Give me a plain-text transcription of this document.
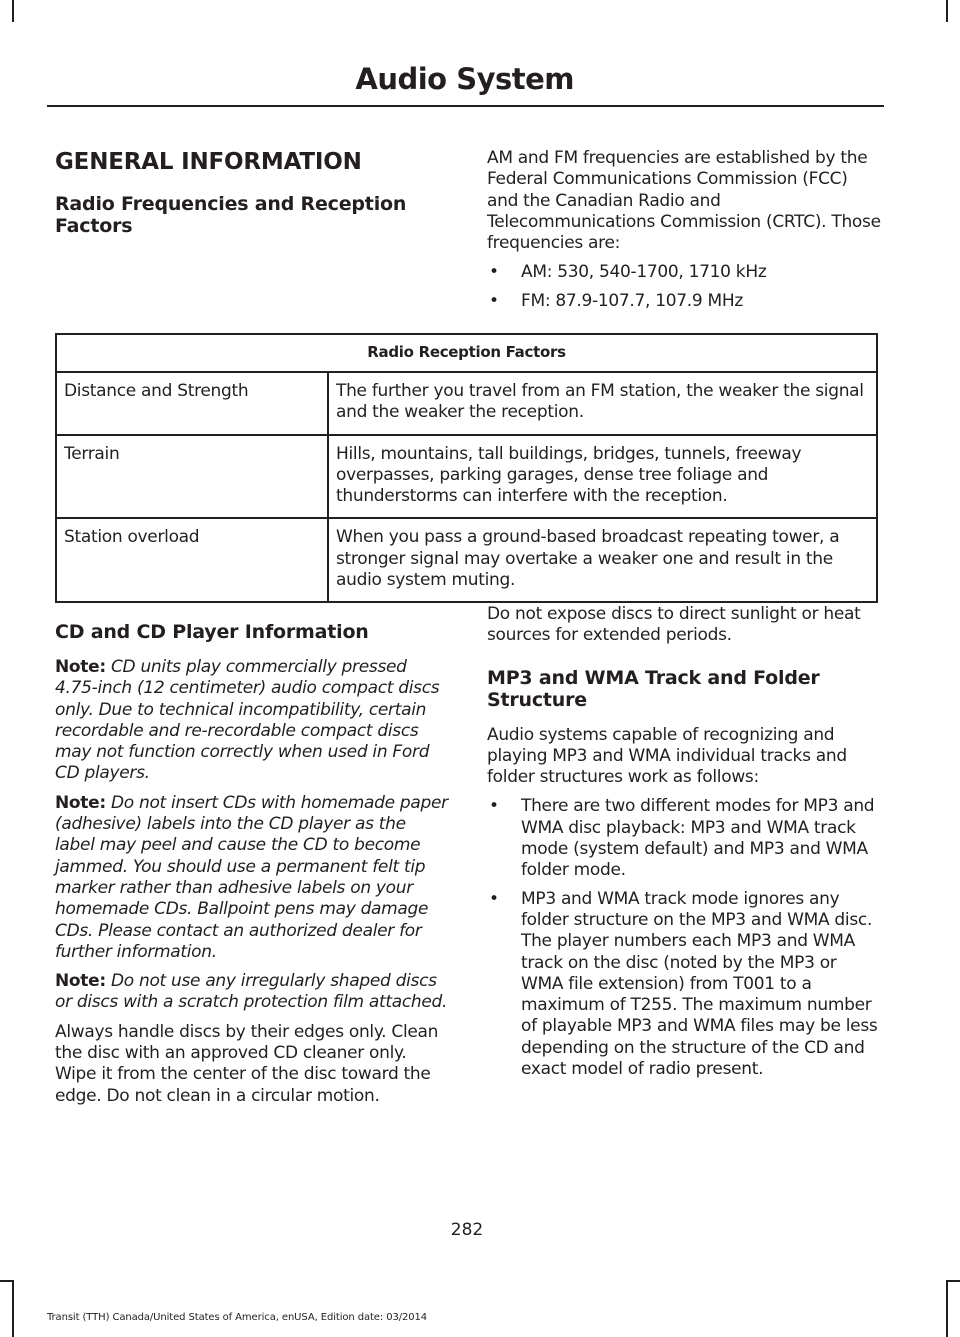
Audio System
GENERAL INFORMATION
Radio Frequencies and Reception Factors

AM and FM frequencies are established by the Federal Communications Commission (FCC) and the Canadian Radio and Telecommunications Commission (CRTC). Those frequencies are:

• AM: 530, 540-1700, 1710 kHz
• FM: 87.9-107.7, 107.9 MHz
Radio Reception Factors	
Distance and Strength	The further you travel from an FM station, the weaker the signal and the weaker the reception.
Terrain	Hills, mountains, tall buildings, bridges, tunnels, freeway overpasses, parking garages, dense tree foliage and thunderstorms can interfere with the reception.
Station overload	When you pass a ground-based broadcast repeating tower, a stronger signal may overtake a weaker one and result in the audio system muting.
CD and CD Player Information

Note: CD units play commercially pressed 4.75-inch (12 centimeter) audio compact discs only. Due to technical incompatibility, certain recordable and re-recordable compact discs may not function correctly when used in Ford CD players.

Note: Do not insert CDs with homemade paper (adhesive) labels into the CD player as the label may peel and cause the CD to become jammed. You should use a permanent felt tip marker rather than adhesive labels on your homemade CDs. Ballpoint pens may damage CDs. Please contact an authorized dealer for further information.

Note: Do not use any irregularly shaped discs or discs with a scratch protection film attached.

Always handle discs by their edges only. Clean the disc with an approved CD cleaner only. Wipe it from the center of the disc toward the edge. Do not clean in a circular motion.

Do not expose discs to direct sunlight or heat sources for extended periods.

MP3 and WMA Track and Folder Structure

Audio systems capable of recognizing and playing MP3 and WMA individual tracks and folder structures work as follows:

• There are two different modes for MP3 and WMA disc playback: MP3 and WMA track mode (system default) and MP3 and WMA folder mode.
• MP3 and WMA track mode ignores any folder structure on the MP3 and WMA disc. The player numbers each MP3 and WMA track on the disc (noted by the MP3 or WMA file extension) from T001 to a maximum of T255. The maximum number of playable MP3 and WMA files may be less depending on the structure of the CD and exact model of radio present.
282
Transit (TTH) Canada/United States of America, enUSA, Edition date: 03/2014
